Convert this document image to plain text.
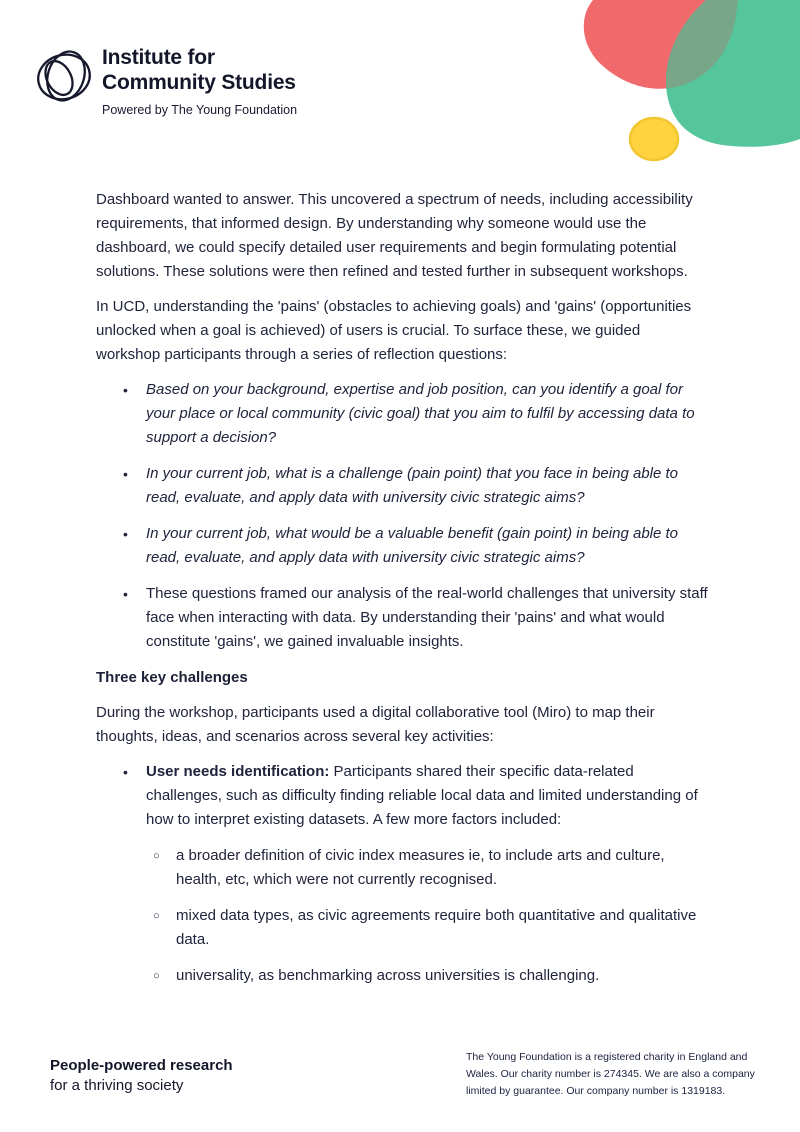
Institute for
Community Studies
Powered by The Young Foundation

Dashboard wanted to answer. This uncovered a spectrum of needs, including accessibility requirements, that informed design. By understanding why someone would use the dashboard, we could specify detailed user requirements and begin formulating potential solutions. These solutions were then refined and tested further in subsequent workshops.

In UCD, understanding the 'pains' (obstacles to achieving goals) and 'gains' (opportunities unlocked when a goal is achieved) of users is crucial. To surface these, we guided workshop participants through a series of reflection questions:

•	Based on your background, expertise and job position, can you identify a goal for your place or local community (civic goal) that you aim to fulfil by accessing data to support a decision?
•	In your current job, what is a challenge (pain point) that you face in being able to read, evaluate, and apply data with university civic strategic aims?
•	In your current job, what would be a valuable benefit (gain point) in being able to read, evaluate, and apply data with university civic strategic aims?
•	These questions framed our analysis of the real-world challenges that university staff face when interacting with data. By understanding their 'pains' and what would constitute 'gains', we gained invaluable insights.
Three key challenges

During the workshop, participants used a digital collaborative tool (Miro) to map their thoughts, ideas, and scenarios across several key activities:

•	User needs identification: Participants shared their specific data-related challenges, such as difficulty finding reliable local data and limited understanding of how to interpret existing datasets. A few more factors included:
○	a broader definition of civic index measures ie, to include arts and culture, health, etc, which were not currently recognised.
○	mixed data types, as civic agreements require both quantitative and qualitative data.
○	universality, as benchmarking across universities is challenging.
People-powered research
for a thriving society
The Young Foundation is a registered charity in England and Wales. Our charity number is 274345. We are also a company limited by guarantee. Our company number is 1319183.
